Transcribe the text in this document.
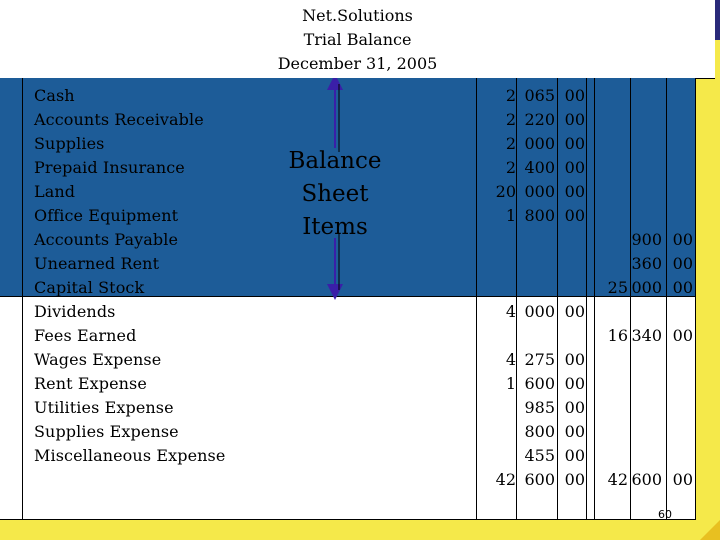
Net.Solutions
Trial Balance
December 31, 2005
Cash
Accounts Receivable
Supplies
Prepaid Insurance
Land
Office Equipment
Accounts Payable
Unearned Rent
Capital Stock
Dividends
Fees Earned
Wages Expense
Rent Expense
Utilities Expense
Supplies Expense
Miscellaneous Expense
2 065 00
2 220 00
2 000 00
2 400 00
20 000 00
1 800 00
900 00
360 00
25 000 00
4 000 00
16 340 00
4 275 00
1 600 00
985 00
800 00
455 00
42 600 00 42 600 00
Balance
Sheet
Items
60
